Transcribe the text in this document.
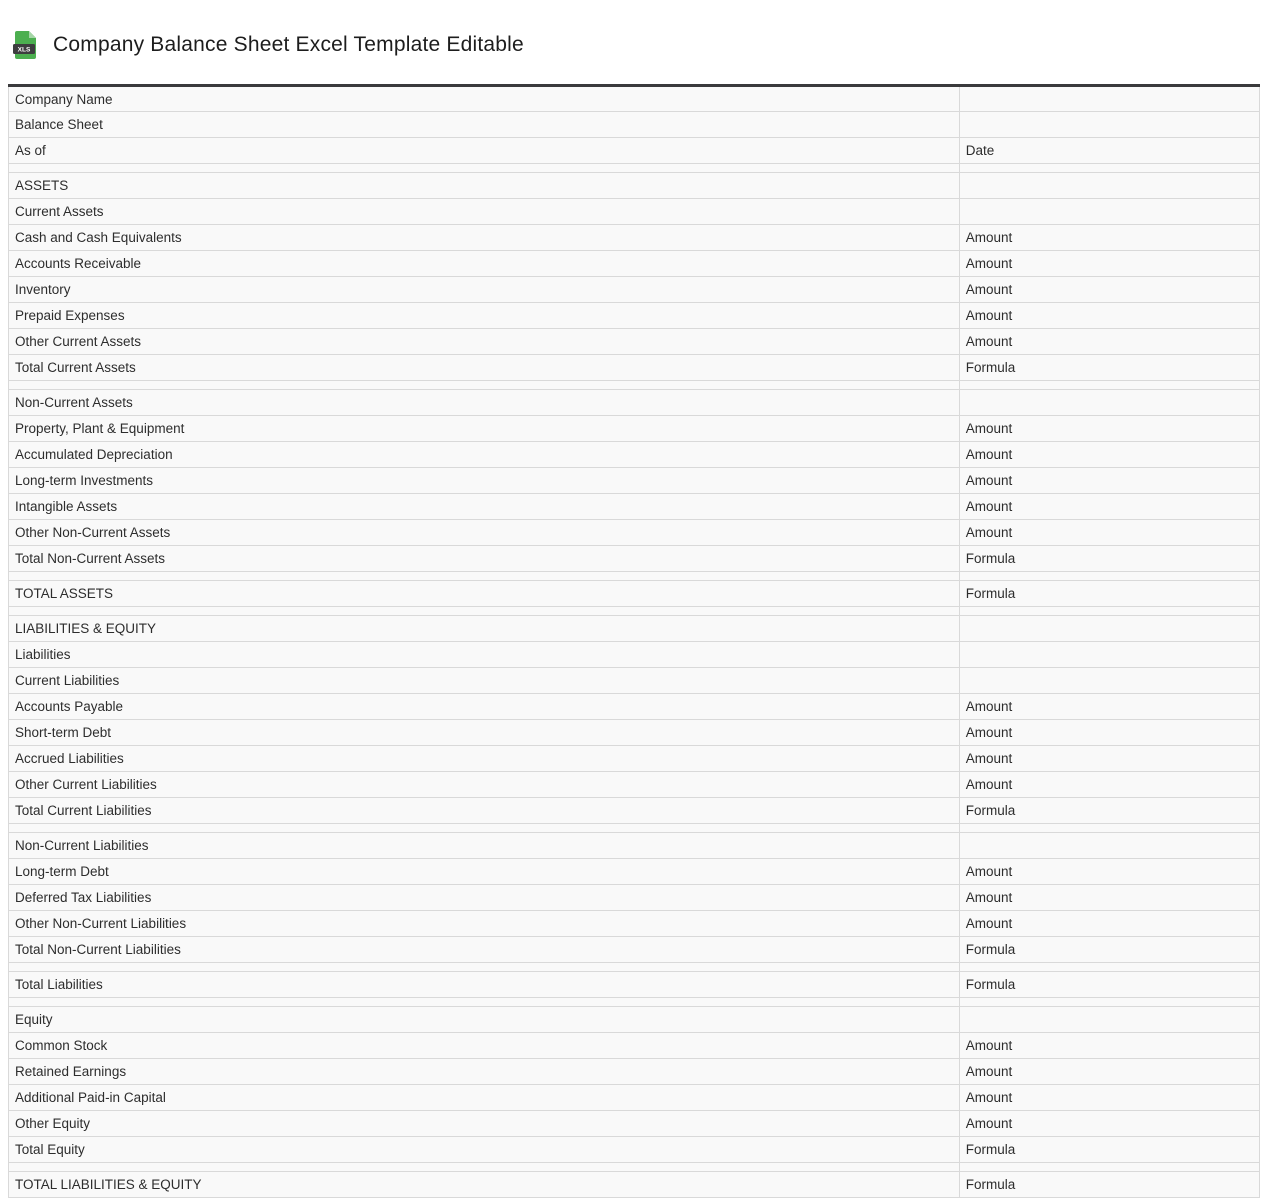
XLS Company Balance Sheet Excel Template Editable
Company Name	
Balance Sheet	
As of	Date

ASSETS	
Current Assets	
Cash and Cash Equivalents	Amount
Accounts Receivable	Amount
Inventory	Amount
Prepaid Expenses	Amount
Other Current Assets	Amount
Total Current Assets	Formula

Non-Current Assets	
Property, Plant & Equipment	Amount
Accumulated Depreciation	Amount
Long-term Investments	Amount
Intangible Assets	Amount
Other Non-Current Assets	Amount
Total Non-Current Assets	Formula

TOTAL ASSETS	Formula

LIABILITIES & EQUITY	
Liabilities	
Current Liabilities	
Accounts Payable	Amount
Short-term Debt	Amount
Accrued Liabilities	Amount
Other Current Liabilities	Amount
Total Current Liabilities	Formula

Non-Current Liabilities	
Long-term Debt	Amount
Deferred Tax Liabilities	Amount
Other Non-Current Liabilities	Amount
Total Non-Current Liabilities	Formula

Total Liabilities	Formula

Equity	
Common Stock	Amount
Retained Earnings	Amount
Additional Paid-in Capital	Amount
Other Equity	Amount
Total Equity	Formula

TOTAL LIABILITIES & EQUITY	Formula
